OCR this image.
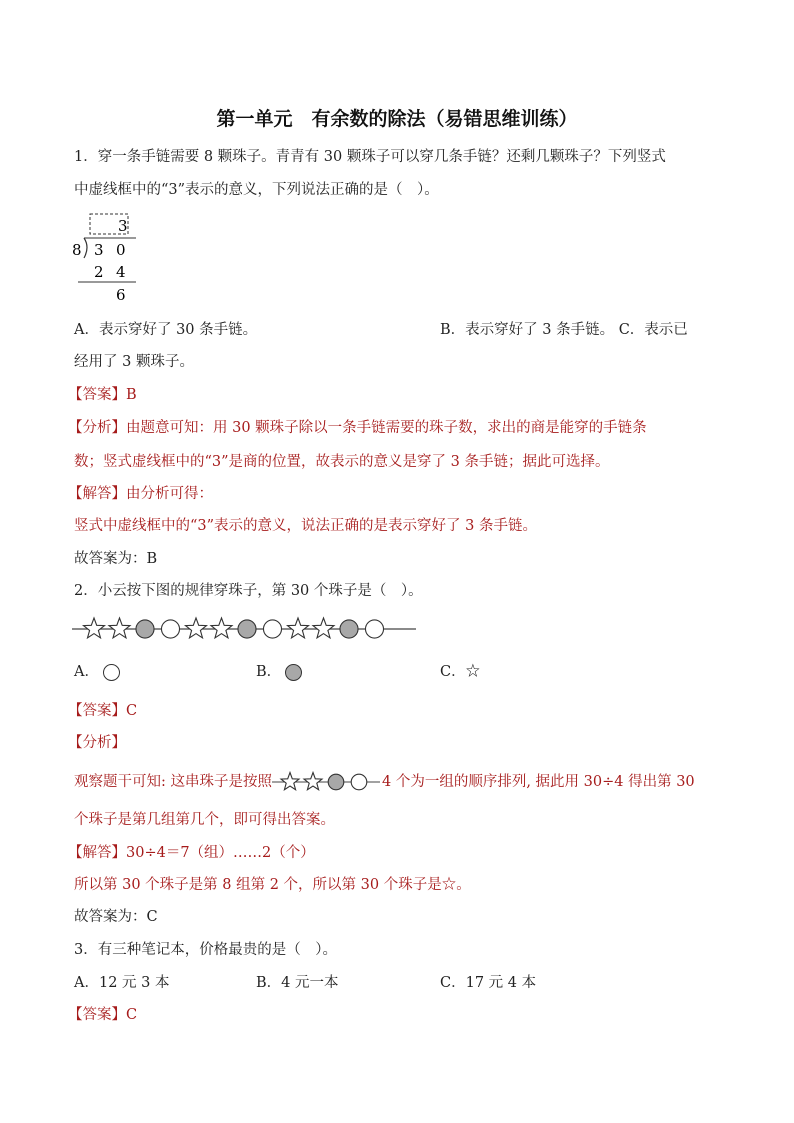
第一单元　有余数的除法（易错思维训练）
1．穿一条手链需要 8 颗珠子。青青有 30 颗珠子可以穿几条手链？还剩几颗珠子？下列竖式
中虚线框中的“3”表示的意义，下列说法正确的是（　）。
3
8 3 0
2 4
6
A．表示穿好了 30 条手链。	B．表示穿好了 3 条手链。 C．表示已
经用了 3 颗珠子。
【答案】B
【分析】由题意可知：用 30 颗珠子除以一条手链需要的珠子数，求出的商是能穿的手链条
数；竖式虚线框中的“3”是商的位置，故表示的意义是穿了 3 条手链；据此可选择。
【解答】由分析可得：
竖式中虚线框中的“3”表示的意义，说法正确的是表示穿好了 3 条手链。
故答案为：B
2．小云按下图的规律穿珠子，第 30 个珠子是（　）。
A．	B．	C．☆
【答案】C
【分析】
观察题干可知: 这串珠子是按照	4 个为一组的顺序排列, 据此用 30÷4 得出第 30
个珠子是第几组第几个，即可得出答案。
【解答】30÷4＝7（组）……2（个）
所以第 30 个珠子是第 8 组第 2 个，所以第 30 个珠子是☆。
故答案为：C
3．有三种笔记本，价格最贵的是（　）。
A．12 元 3 本	B．4 元一本	C．17 元 4 本
【答案】C
